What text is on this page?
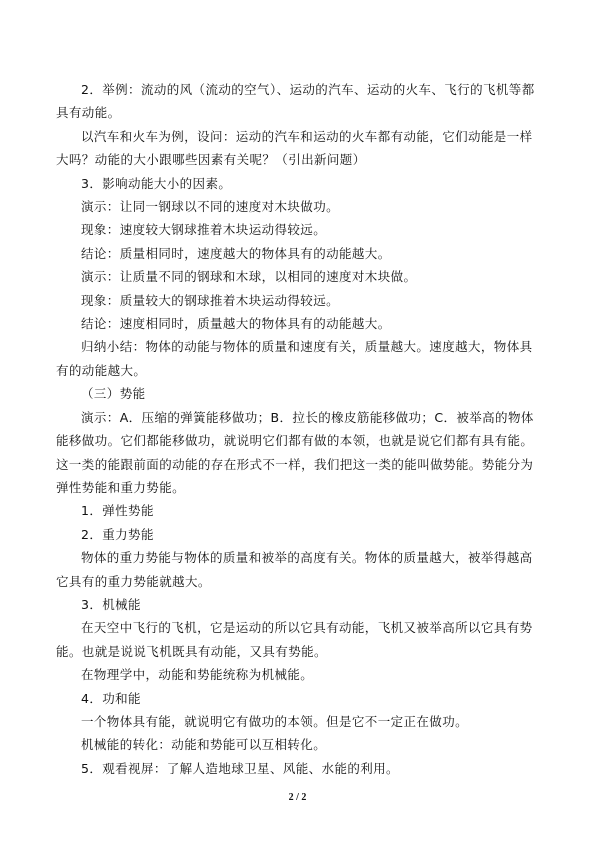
2．举例：流动的风（流动的空气）、运动的汽车、运动的火车、飞行的飞机等都具有动能。

以汽车和火车为例，设问：运动的汽车和运动的火车都有动能，它们动能是一样大吗？动能的大小跟哪些因素有关呢？（引出新问题）

3．影响动能大小的因素。

演示：让同一钢球以不同的速度对木块做功。

现象：速度较大钢球推着木块运动得较远。

结论：质量相同时，速度越大的物体具有的动能越大。

演示：让质量不同的钢球和木球，以相同的速度对木块做。

现象：质量较大的钢球推着木块运动得较远。

结论：速度相同时，质量越大的物体具有的动能越大。

归纳小结：物体的动能与物体的质量和速度有关，质量越大。速度越大，物体具有的动能越大。

（三）势能

演示：A．压缩的弹簧能移做功；B．拉长的橡皮筋能移做功；C．被举高的物体能移做功。它们都能移做功，就说明它们都有做的本领，也就是说它们都有具有能。这一类的能跟前面的动能的存在形式不一样，我们把这一类的能叫做势能。势能分为弹性势能和重力势能。

1．弹性势能

2．重力势能

物体的重力势能与物体的质量和被举的高度有关。物体的质量越大，被举得越高它具有的重力势能就越大。

3．机械能

在天空中飞行的飞机，它是运动的所以它具有动能，飞机又被举高所以它具有势能。也就是说说飞机既具有动能，又具有势能。

在物理学中，动能和势能统称为机械能。

4．功和能

一个物体具有能，就说明它有做功的本领。但是它不一定正在做功。

机械能的转化：动能和势能可以互相转化。

5．观看视屏：了解人造地球卫星、风能、水能的利用。

2 / 2
